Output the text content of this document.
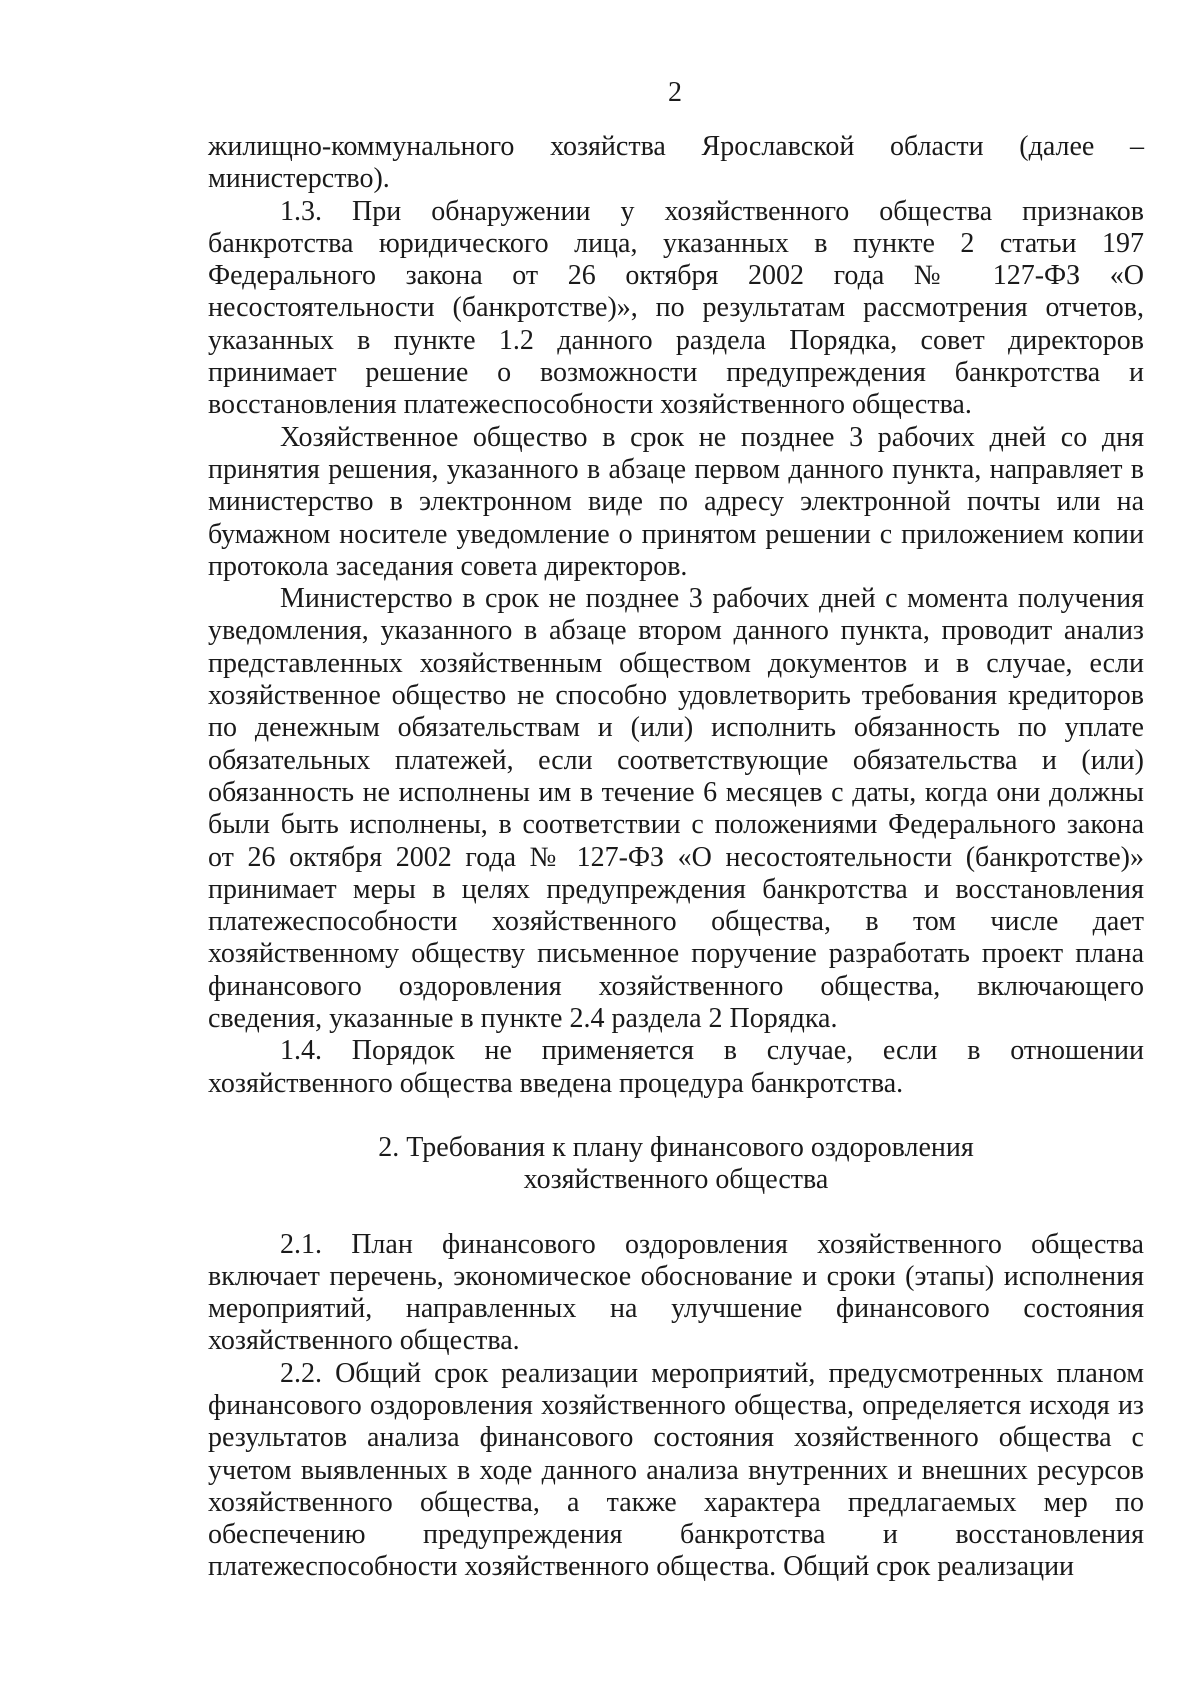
2

жилищно-коммунального хозяйства Ярославской области (далее – министерство).

1.3. При обнаружении у хозяйственного общества признаков банкротства юридического лица, указанных в пункте 2 статьи 197 Федерального закона от 26 октября 2002 года № 127-ФЗ «О несостоятельности (банкротстве)», по результатам рассмотрения отчетов, указанных в пункте 1.2 данного раздела Порядка, совет директоров принимает решение о возможности предупреждения банкротства и восстановления платежеспособности хозяйственного общества.

Хозяйственное общество в срок не позднее 3 рабочих дней со дня принятия решения, указанного в абзаце первом данного пункта, направляет в министерство в электронном виде по адресу электронной почты или на бумажном носителе уведомление о принятом решении с приложением копии протокола заседания совета директоров.

Министерство в срок не позднее 3 рабочих дней с момента получения уведомления, указанного в абзаце втором данного пункта, проводит анализ представленных хозяйственным обществом документов и в случае, если хозяйственное общество не способно удовлетворить требования кредиторов по денежным обязательствам и (или) исполнить обязанность по уплате обязательных платежей, если соответствующие обязательства и (или) обязанность не исполнены им в течение 6 месяцев с даты, когда они должны были быть исполнены, в соответствии с положениями Федерального закона от 26 октября 2002 года № 127-ФЗ «О несостоятельности (банкротстве)» принимает меры в целях предупреждения банкротства и восстановления платежеспособности хозяйственного общества, в том числе дает хозяйственному обществу письменное поручение разработать проект плана финансового оздоровления хозяйственного общества, включающего сведения, указанные в пункте 2.4 раздела 2 Порядка.

1.4. Порядок не применяется в случае, если в отношении хозяйственного общества введена процедура банкротства.

2. Требования к плану финансового оздоровления

хозяйственного общества

2.1. План финансового оздоровления хозяйственного общества включает перечень, экономическое обоснование и сроки (этапы) исполнения мероприятий, направленных на улучшение финансового состояния хозяйственного общества.

2.2. Общий срок реализации мероприятий, предусмотренных планом финансового оздоровления хозяйственного общества, определяется исходя из результатов анализа финансового состояния хозяйственного общества с учетом выявленных в ходе данного анализа внутренних и внешних ресурсов хозяйственного общества, а также характера предлагаемых мер по обеспечению предупреждения банкротства и восстановления платежеспособности хозяйственного общества. Общий срок реализации
